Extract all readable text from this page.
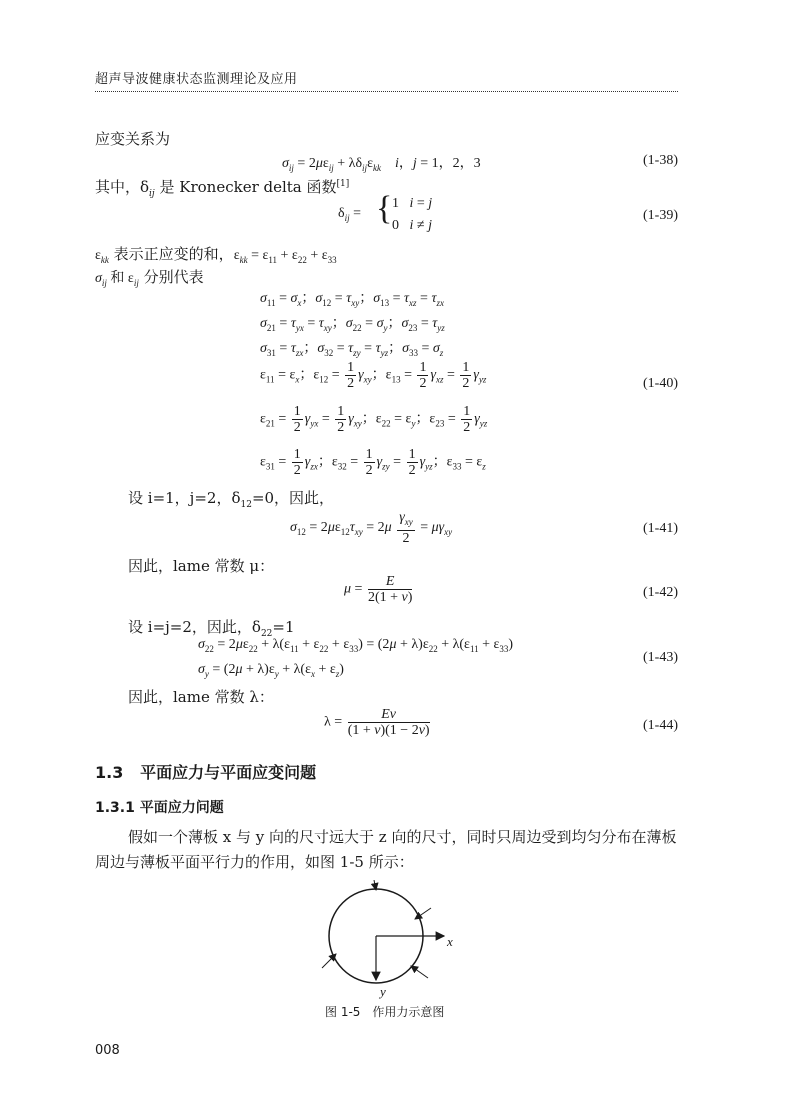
超声导波健康状态监测理论及应用
应变关系为
$\sigma_{ij} = 2\mu\varepsilon_{ij} + \lambda\delta_{ij}\varepsilon_{kk}$ i，j = 1，2，3	(1-38)
其中，$\delta_{ij}$ 是 Kronecker delta 函数[1]
$\delta_{ij}$ = { 1   i = j
0   i ≠ j
(1-39)
$\varepsilon_{kk}$ 表示正应变的和，$\varepsilon_{kk} = \varepsilon_{11} + \varepsilon_{22} + \varepsilon_{33}$
$\sigma_{ij}$ 和 $\varepsilon_{ij}$ 分别代表
$\sigma_{11} = \sigma_x$；$\sigma_{12} = \tau_{xy}$；$\sigma_{13} = \tau_{xz} = \tau_{zx}$
$\sigma_{21} = \tau_{yx} = \tau_{xy}$；$\sigma_{22} = \sigma_y$；$\sigma_{23} = \tau_{yz}$
$\sigma_{31} = \tau_{zx}$；$\sigma_{32} = \tau_{zy} = \tau_{yz}$；$\sigma_{33} = \sigma_z$
$\varepsilon_{11} = \varepsilon_x$；$\varepsilon_{12} = \frac{1}{2} \gamma_{xy}$；$\varepsilon_{13} = \frac{1}{2} \gamma_{xz} = \frac{1}{2} \gamma_{yz}$	(1-40)
$\varepsilon_{21} = \frac{1}{2} \gamma_{yx} = \frac{1}{2} \gamma_{xy}$；$\varepsilon_{22} = \varepsilon_y$；$\varepsilon_{23} = \frac{1}{2} \gamma_{yz}$
$\varepsilon_{31} = \frac{1}{2} \gamma_{zx}$；$\varepsilon_{32} = \frac{1}{2} \gamma_{zy} = \frac{1}{2} \gamma_{yz}$；$\varepsilon_{33} = \varepsilon_z$
设 i=1，j=2，$\delta_{12}=0$，因此，
$\sigma_{12} = 2\mu\varepsilon_{12}\tau_{xy} = 2\mu \frac{\gamma_{xy}}{2} = \mu\gamma_{xy}$	(1-41)
因此，lame 常数 μ：
$\mu = \frac{E}{2(1 + v)}$	(1-42)
设 i=j=2，因此，$\delta_{22}=1$
$\sigma_{22} = 2\mu\varepsilon_{22} + \lambda(\varepsilon_{11} + \varepsilon_{22} + \varepsilon_{33}) = (2\mu + \lambda)\varepsilon_{22} + \lambda(\varepsilon_{11} + \varepsilon_{33})$
$\sigma_y = (2\mu + \lambda)\varepsilon_y + \lambda(\varepsilon_x + \varepsilon_z)$
(1-43)
因此，lame 常数 λ：
$\lambda = \frac{Ev}{(1 + v)(1 - 2v)}$	(1-44)
1.3 平面应力与平面应变问题
1.3.1 平面应力问题
假如一个薄板 x 与 y 向的尺寸远大于 z 向的尺寸，同时只周边受到均匀分布在薄板
周边与薄板平面平行力的作用，如图 1-5 所示：
x
y
图 1-5　作用力示意图
008
